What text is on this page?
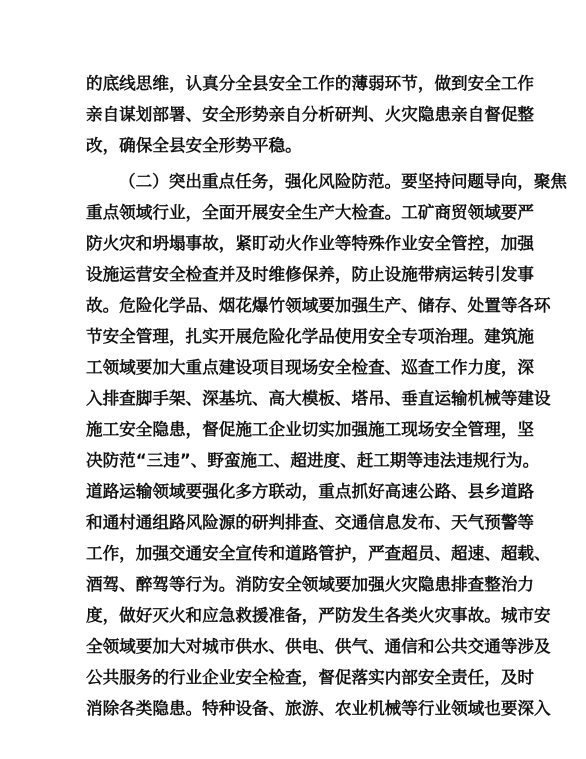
的底线思维，认真分全县安全工作的薄弱环节，做到安全工作
亲自谋划部署、安全形势亲自分析研判、火灾隐患亲自督促整
改，确保全县安全形势平稳。
（二）突出重点任务，强化风险防范。要坚持问题导向，聚焦
重点领域行业，全面开展安全生产大检查。工矿商贸领域要严
防火灾和坍塌事故，紧盯动火作业等特殊作业安全管控，加强
设施运营安全检查并及时维修保养，防止设施带病运转引发事
故。危险化学品、烟花爆竹领域要加强生产、储存、处置等各环
节安全管理，扎实开展危险化学品使用安全专项治理。建筑施
工领域要加大重点建设项目现场安全检查、巡查工作力度，深
入排查脚手架、深基坑、高大模板、塔吊、垂直运输机械等建设
施工安全隐患，督促施工企业切实加强施工现场安全管理，坚
决防范“三违”、野蛮施工、超进度、赶工期等违法违规行为。
道路运输领域要强化多方联动，重点抓好高速公路、县乡道路
和通村通组路风险源的研判排查、交通信息发布、天气预警等
工作，加强交通安全宣传和道路管护，严查超员、超速、超载、
酒驾、醉驾等行为。消防安全领域要加强火灾隐患排查整治力
度，做好灭火和应急救援准备，严防发生各类火灾事故。城市安
全领域要加大对城市供水、供电、供气、通信和公共交通等涉及
公共服务的行业企业安全检查，督促落实内部安全责任，及时
消除各类隐患。特种设备、旅游、农业机械等行业领域也要深入
